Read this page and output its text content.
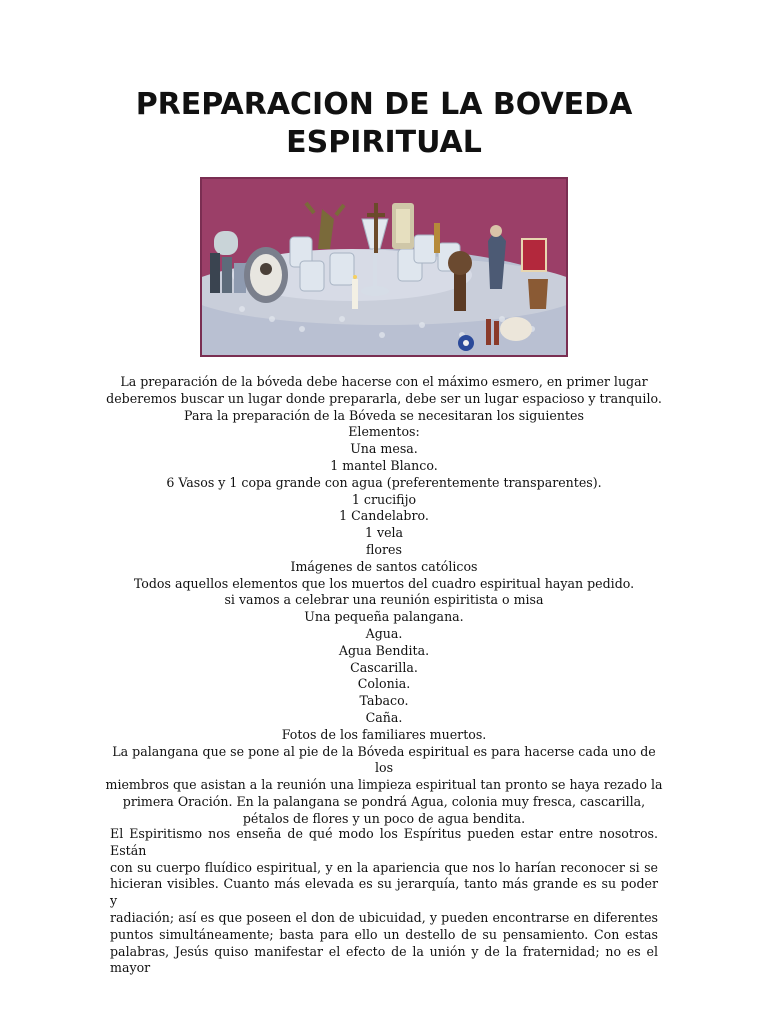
PREPARACION DE LA BOVEDA
ESPIRITUAL

La preparación de la bóveda debe hacerse con el máximo esmero, en primer lugar

deberemos buscar un lugar donde prepararla, debe ser un lugar espacioso y tranquilo.

Para la preparación de la Bóveda se necesitaran los siguientes

Elementos:

Una mesa.

1 mantel Blanco.

6 Vasos y 1 copa grande con agua (preferentemente transparentes).

1 crucifijo

1 Candelabro.

1 vela

flores

Imágenes de santos católicos

Todos aquellos elementos que los muertos del cuadro espiritual hayan pedido.

si vamos a celebrar una reunión espiritista o misa

Una pequeña palangana.

Agua.

Agua Bendita.

Cascarilla.

Colonia.

Tabaco.

Caña.

Fotos de los familiares muertos.

La palangana que se pone al pie de la Bóveda espiritual es para hacerse cada uno de los

miembros que asistan a la reunión una limpieza espiritual tan pronto se haya rezado la

primera Oración. En la palangana se pondrá Agua, colonia muy fresca, cascarilla,

pétalos de flores y un poco de agua bendita.

El Espiritismo nos enseña de qué modo los Espíritus pueden estar entre nosotros. Están

con su cuerpo fluídico espiritual, y en la apariencia que nos lo harían reconocer si se

hicieran visibles. Cuanto más elevada es su jerarquía, tanto más grande es su poder y

radiación; así es que poseen el don de ubicuidad, y pueden encontrarse en diferentes

puntos simultáneamente; basta para ello un destello de su pensamiento. Con estas

palabras, Jesús quiso manifestar el efecto de la unión y de la fraternidad; no es el mayor
